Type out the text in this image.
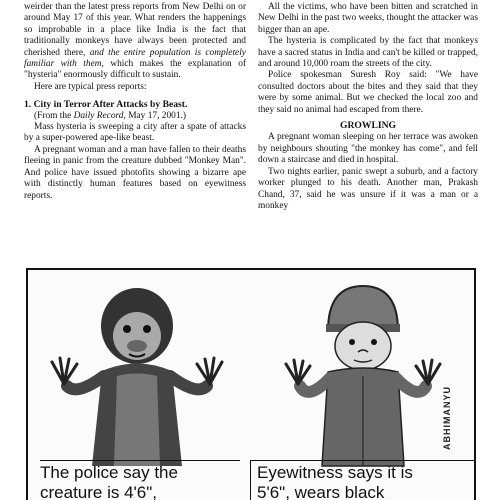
weirder than the latest press reports from New Delhi on or around May 17 of this year. What renders the happenings so improbable in a place like India is the fact that traditionally monkeys have always been protected and cherished there, and the entire population is completely familiar with them, which makes the explanation of "hysteria" enormously difficult to sustain.

Here are typical press reports:

1. City in Terror After Attacks by Beast.

(From the Daily Record, May 17, 2001.)

Mass hysteria is sweeping a city after a spate of attacks by a super-powered ape-like beast.

A pregnant woman and a man have fallen to their deaths fleeing in panic from the creature dubbed "Monkey Man". And police have issued photofits showing a bizarre ape with distinctly human features based on eyewitness reports.

All the victims, who have been bitten and scratched in New Delhi in the past two weeks, thought the attacker was bigger than an ape.

The hysteria is complicated by the fact that monkeys have a sacred status in India and can't be killed or trapped, and around 10,000 roam the streets of the city.

Police spokesman Suresh Roy said: "We have consulted doctors about the bites and they said that they were by some animal. But we checked the local zoo and they said no animal had escaped from there.

GROWLING

A pregnant woman sleeping on her terrace was awoken by neighbours shouting "the monkey has come", and fell down a staircase and died in hospital.

Two nights earlier, panic swept a suburb, and a factory worker plunged to his death. Another man, Prakash Chand, 37, said he was unsure if it was a man or a monkey

ABHIMANYU
The police say the
creature is 4'6",
Eyewitness says it is
5'6", wears black
